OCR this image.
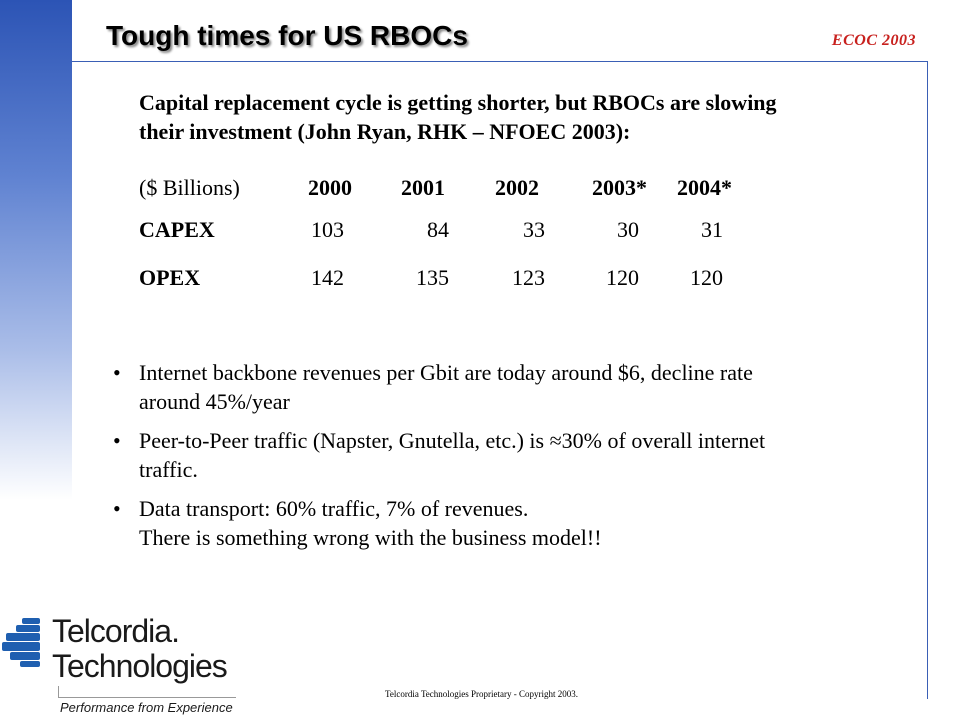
Tough times for US RBOCs	ECOC 2003
Capital replacement cycle is getting shorter, but RBOCs are slowing
their investment (John Ryan, RHK – NFOEC 2003):
($ Billions)	2000 2001 2002 2003* 2004*
CAPEX	103	84	33	30	31
OPEX	142	135	123	120	120
• Internet backbone revenues per Gbit are today around $6, decline rate
around 45%/year
• Peer-to-Peer traffic (Napster, Gnutella, etc.) is ≈30% of overall internet
traffic.
• Data transport: 60% traffic, 7% of revenues.
There is something wrong with the business model!!
Telcordia.
Technologies
Performance from Experience
Telcordia Technologies Proprietary - Copyright 2003.
